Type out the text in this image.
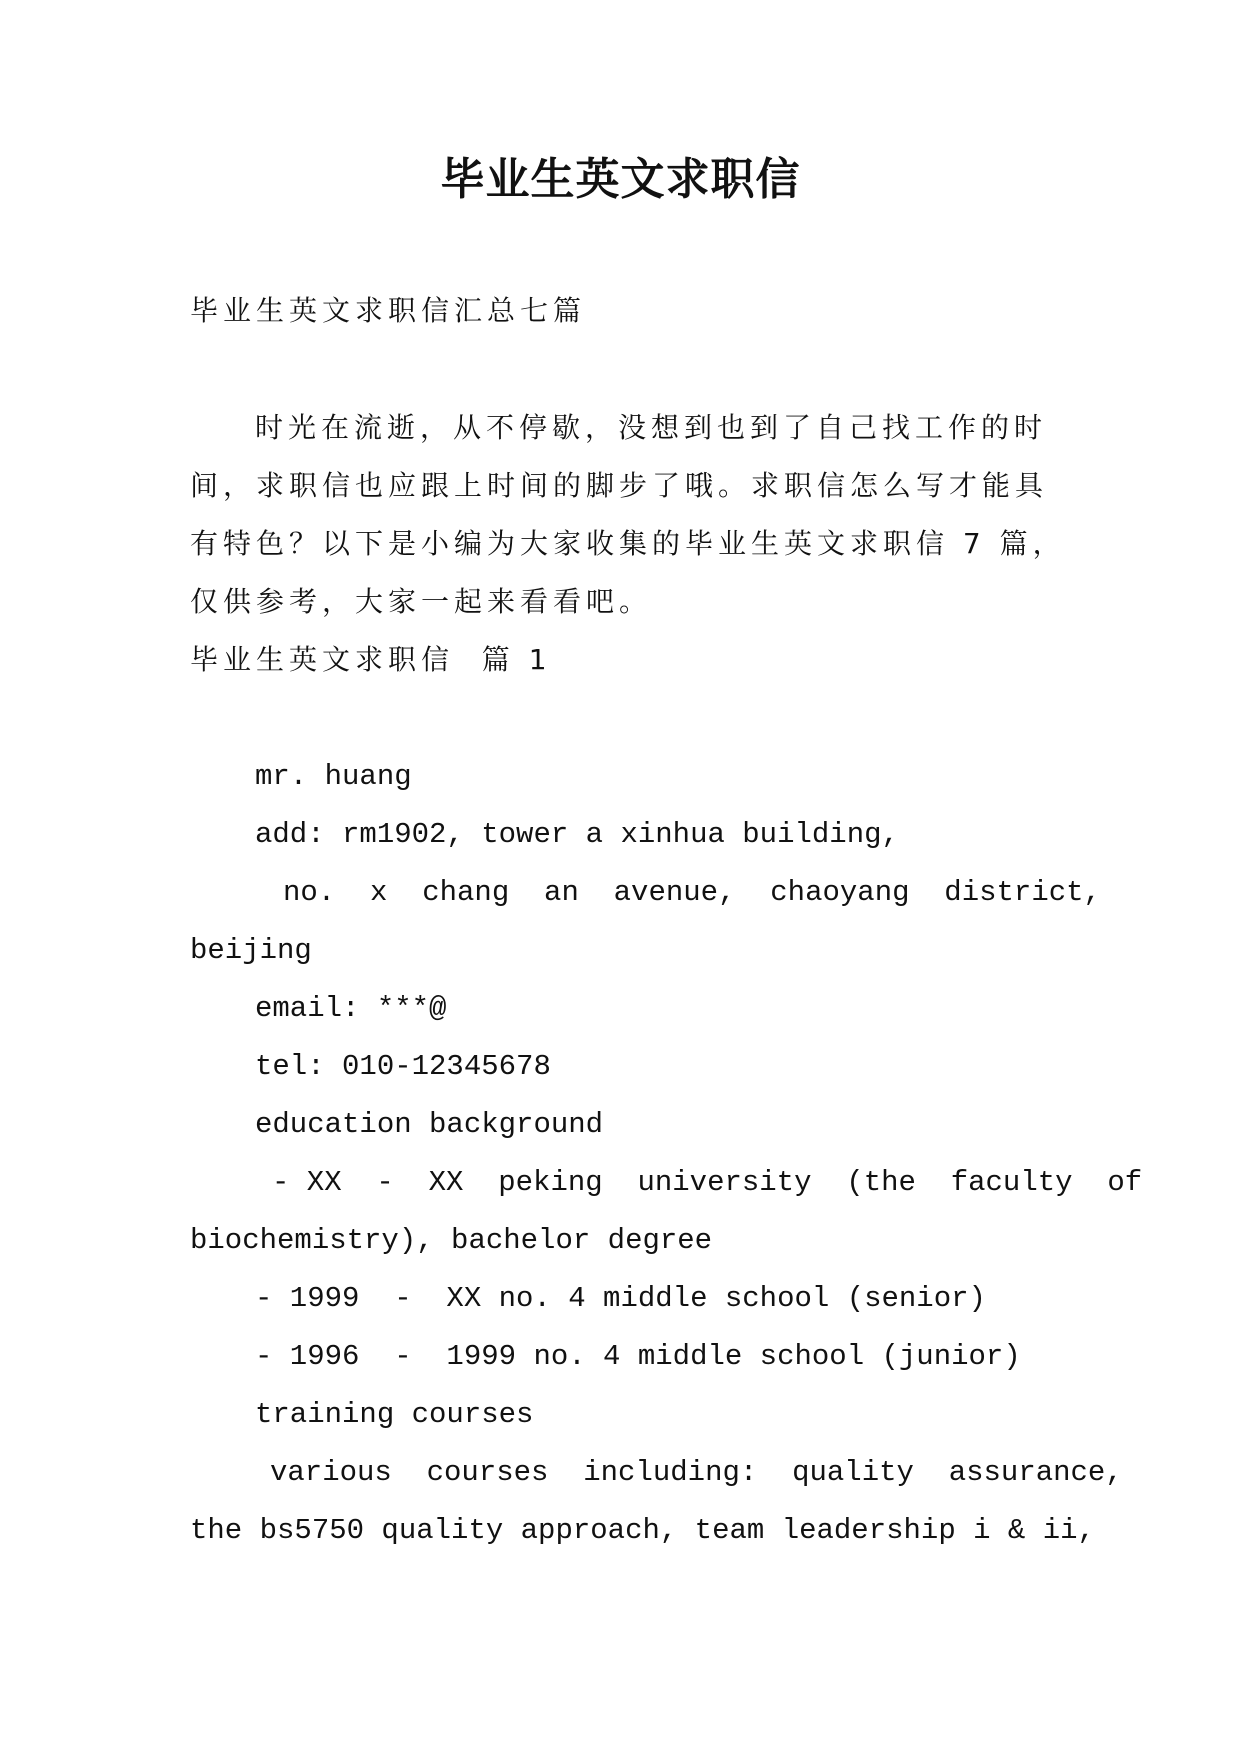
毕业生英文求职信
毕业生英文求职信汇总七篇
时光在流逝，从不停歇，没想到也到了自己找工作的时
间，求职信也应跟上时间的脚步了哦。求职信怎么写才能具
有特色？以下是小编为大家收集的毕业生英文求职信 7 篇，
仅供参考，大家一起来看看吧。
毕业生英文求职信  篇 1
mr. huang
add: rm1902, tower a xinhua building,
no.  x  chang  an  avenue,  chaoyang  district,
beijing
email: ***@
tel: 010-12345678
education background
- XX  -  XX  peking  university  (the  faculty  of
biochemistry), bachelor degree
- 1999  -  XX no. 4 middle school (senior)
- 1996  -  1999 no. 4 middle school (junior)
training courses
various  courses  including:  quality  assurance,
the bs5750 quality approach, team leadership i & ii,
